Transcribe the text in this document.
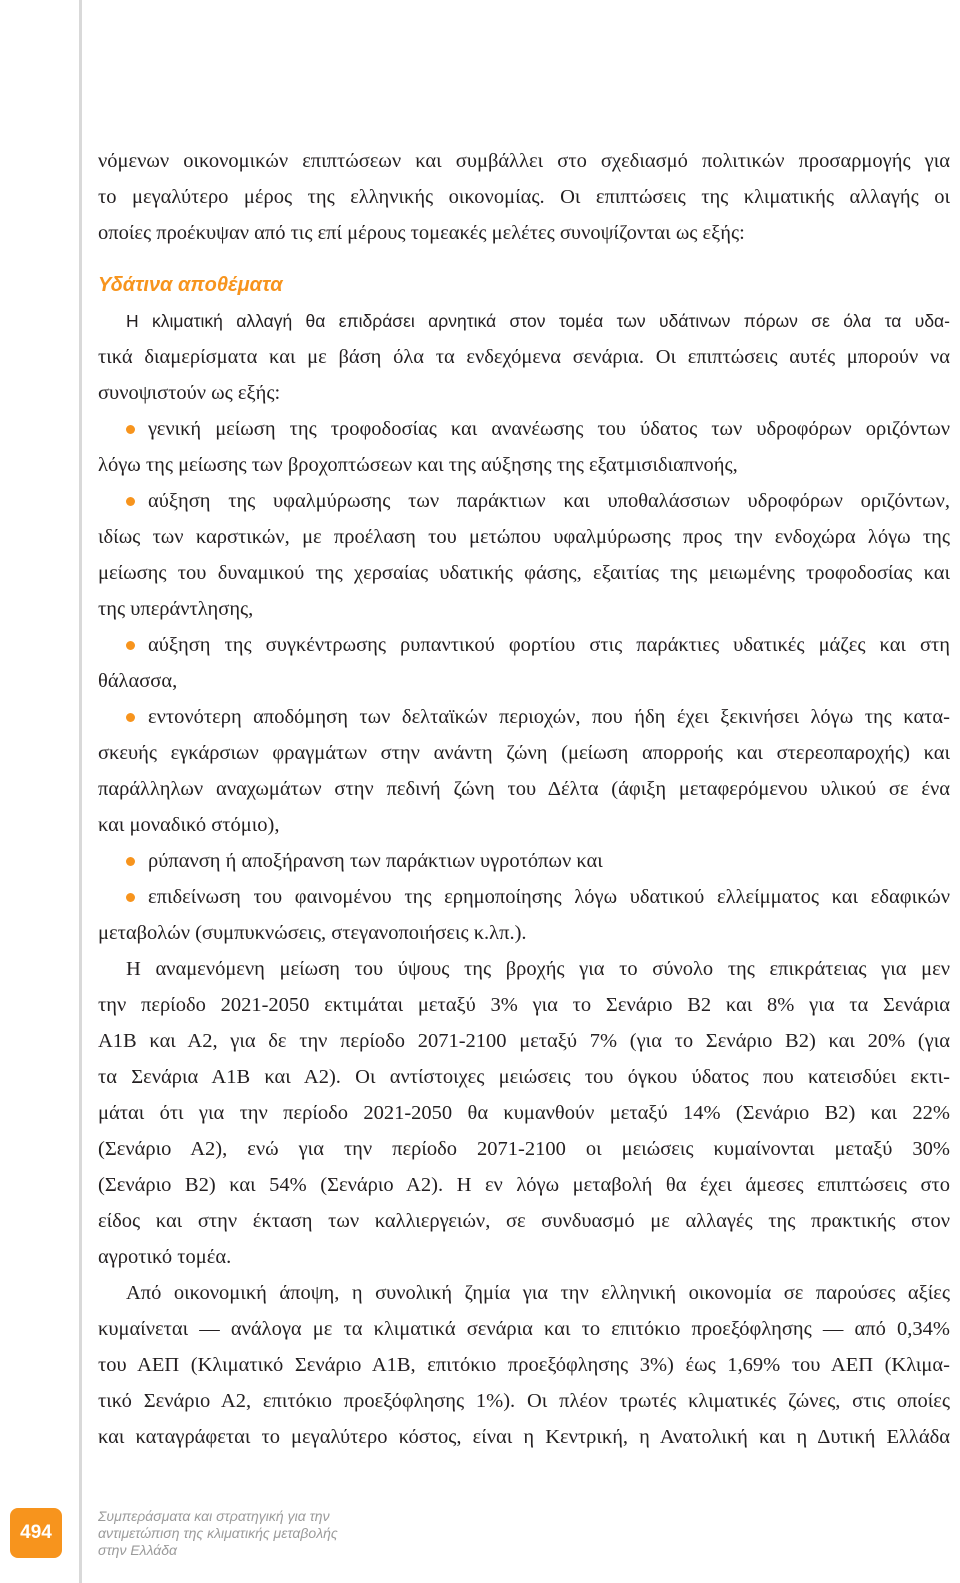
νόμενων οικονομικών επιπτώσεων και συμβάλλει στο σχεδιασμό πολιτικών προσαρμογής για
το μεγαλύτερο μέρος της ελληνικής οικονομίας. Οι επιπτώσεις της κλιματικής αλλαγής οι
οποίες προέκυψαν από τις επί μέρους τομεακές μελέτες συνοψίζονται ως εξής:
Υδάτινα αποθέματα
Η κλιματική αλλαγή θα επιδράσει αρνητικά στον τομέα των υδάτινων πόρων σε όλα τα υδα-
τικά διαμερίσματα και με βάση όλα τα ενδεχόμενα σενάρια. Οι επιπτώσεις αυτές μπορούν να
συνοψιστούν ως εξής:
γενική μείωση της τροφοδοσίας και ανανέωσης του ύδατος των υδροφόρων οριζόντων
λόγω της μείωσης των βροχοπτώσεων και της αύξησης της εξατμισιδιαπνοής,
αύξηση της υφαλμύρωσης των παράκτιων και υποθαλάσσιων υδροφόρων οριζόντων,
ιδίως των καρστικών, με προέλαση του μετώπου υφαλμύρωσης προς την ενδοχώρα λόγω της
μείωσης του δυναμικού της χερσαίας υδατικής φάσης, εξαιτίας της μειωμένης τροφοδοσίας και
της υπεράντλησης,
αύξηση της συγκέντρωσης ρυπαντικού φορτίου στις παράκτιες υδατικές μάζες και στη
θάλασσα,
εντονότερη αποδόμηση των δελταϊκών περιοχών, που ήδη έχει ξεκινήσει λόγω της κατα-
σκευής εγκάρσιων φραγμάτων στην ανάντη ζώνη (μείωση απορροής και στερεοπαροχής) και
παράλληλων αναχωμάτων στην πεδινή ζώνη του Δέλτα (άφιξη μεταφερόμενου υλικού σε ένα
και μοναδικό στόμιο),
ρύπανση ή αποξήρανση των παράκτιων υγροτόπων και
επιδείνωση του φαινομένου της ερημοποίησης λόγω υδατικού ελλείμματος και εδαφικών
μεταβολών (συμπυκνώσεις, στεγανοποιήσεις κ.λπ.).
Η αναμενόμενη μείωση του ύψους της βροχής για το σύνολο της επικράτειας για μεν
την περίοδο 2021-2050 εκτιμάται μεταξύ 3% για το Σενάριο Β2 και 8% για τα Σενάρια
Α1Β και Α2, για δε την περίοδο 2071-2100 μεταξύ 7% (για το Σενάριο Β2) και 20% (για
τα Σενάρια Α1Β και Α2). Οι αντίστοιχες μειώσεις του όγκου ύδατος που κατεισδύει εκτι-
μάται ότι για την περίοδο 2021-2050 θα κυμανθούν μεταξύ 14% (Σενάριο Β2) και 22%
(Σενάριο Α2), ενώ για την περίοδο 2071-2100 οι μειώσεις κυμαίνονται μεταξύ 30%
(Σενάριο Β2) και 54% (Σενάριο Α2). Η εν λόγω μεταβολή θα έχει άμεσες επιπτώσεις στο
είδος και στην έκταση των καλλιεργειών, σε συνδυασμό με αλλαγές της πρακτικής στον
αγροτικό τομέα.
Από οικονομική άποψη, η συνολική ζημία για την ελληνική οικονομία σε παρούσες αξίες
κυμαίνεται ― ανάλογα με τα κλιματικά σενάρια και το επιτόκιο προεξόφλησης ― από 0,34%
του ΑΕΠ (Κλιματικό Σενάριο Α1Β, επιτόκιο προεξόφλησης 3%) έως 1,69% του ΑΕΠ (Κλιμα-
τικό Σενάριο Α2, επιτόκιο προεξόφλησης 1%). Οι πλέον τρωτές κλιματικές ζώνες, στις οποίες
και καταγράφεται το μεγαλύτερο κόστος, είναι η Κεντρική, η Ανατολική και η Δυτική Ελλάδα
494
Συμπεράσματα και στρατηγική για την
αντιμετώπιση της κλιματικής μεταβολής
στην Ελλάδα
